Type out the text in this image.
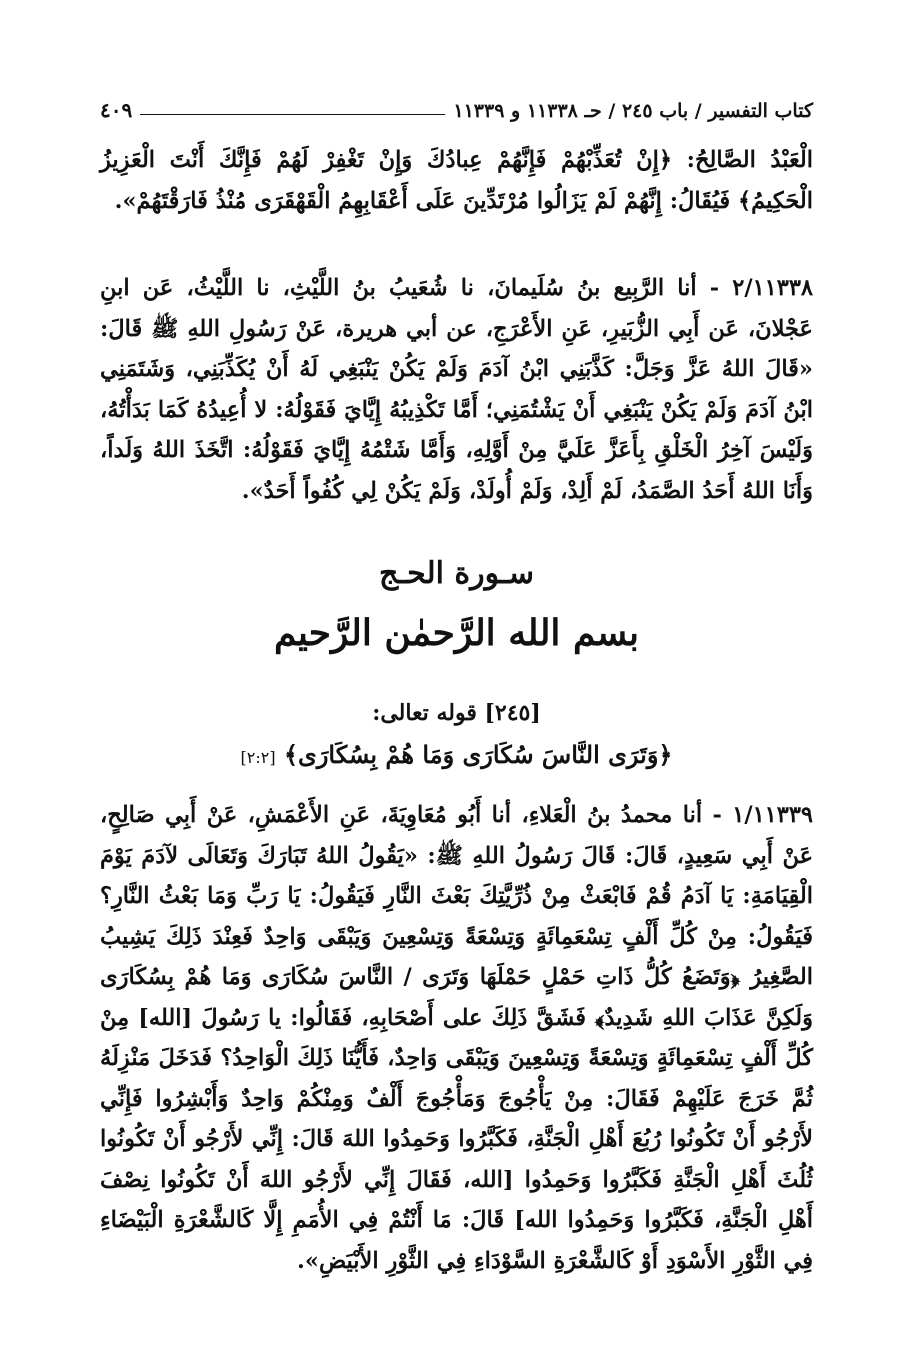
كتاب التفسير / باب ٢٤٥ / حـ ١١٣٣٨ و ١١٣٣٩
٤٠٩
الْعَبْدُ الصَّالِحُ: ﴿إِنْ تُعَذِّبْهُمْ فَإِنَّهُمْ عِبادُكَ وَإِنْ تَغْفِرْ لَهُمْ فَإِنَّكَ أَنْتَ الْعَزِيزُ الْحَكِيمُ﴾ فَيُقَالُ: إِنَّهُمْ لَمْ يَزَالُوا مُرْتَدِّينَ عَلَى أَعْقَابِهِمُ الْقَهْقَرَى مُنْذُ فَارَقْتَهُمْ».
٢/١١٣٣٨ - أنا الرَّبِيع بنُ سُلَيمانَ، نا شُعَيبُ بنُ اللَّيْثِ، نا اللَّيْثُ، عَن ابنِ عَجْلانَ، عَن أَبِي الزُّبَيرِ، عَنِ الأَعْرَجِ، عن أبي هريرة، عَنْ رَسُولِ اللهِ ﷺ قَالَ: «قَالَ اللهُ عَزَّ وَجَلَّ: كَذَّبَنِي ابْنُ آدَمَ وَلَمْ يَكُنْ يَنْبَغِي لَهُ أَنْ يُكَذِّبَنِي، وَشَتَمَنِي ابْنُ آدَمَ وَلَمْ يَكُنْ يَنْبَغِي أَنْ يَشْتُمَنِي؛ أَمَّا تَكْذِيبُهُ إِيَّايَ فَقَوْلُهُ: لا أُعِيدُهُ كَمَا بَدَأْتُهُ، وَلَيْسَ آخِرُ الْخَلْقِ بِأَعَزَّ عَلَيَّ مِنْ أَوَّلِهِ، وَأَمَّا شَتْمُهُ إِيَّايَ فَقَوْلُهُ: اتَّخَذَ اللهُ وَلَداً، وَأَنَا اللهُ أَحَدُ الصَّمَدُ، لَمْ أَلِدْ، وَلَمْ أُولَدْ، وَلَمْ يَكُنْ لِي كُفُواً أَحَدٌ».
سـورة الحـج
بسم الله الرَّحمٰن الرَّحيم
[٢٤٥] قوله تعالى:
﴿وَتَرَى النَّاسَ سُكَارَى وَمَا هُمْ بِسُكَارَى﴾ [٢:٢]
١/١١٣٣٩ - أنا محمدُ بنُ الْعَلاءِ، أنا أَبُو مُعَاوِيَةَ، عَنِ الأَعْمَشِ، عَنْ أَبِي صَالِحٍ، عَنْ أَبِي سَعِيدٍ، قَالَ: قَالَ رَسُولُ اللهِ ﷺ: «يَقُولُ اللهُ تَبَارَكَ وَتَعَالَى لآدَمَ يَوْمَ الْقِيَامَةِ: يَا آدَمُ قُمْ فَابْعَثْ مِنْ ذُرِّيَّتِكَ بَعْثَ النَّارِ فَيَقُولُ: يَا رَبِّ وَمَا بَعْثُ النَّارِ؟ فَيَقُولُ: مِنْ كُلِّ أَلْفٍ تِسْعَمِائَةٍ وَتِسْعَةً وَتِسْعِينَ وَيَبْقَى وَاحِدٌ فَعِنْدَ ذَلِكَ يَشِيبُ الصَّغِيرُ ﴿وَتَضَعُ كُلُّ ذَاتِ حَمْلٍ حَمْلَهَا وَتَرَى / النَّاسَ سُكَارَى وَمَا هُمْ بِسُكَارَى وَلَكِنَّ عَذَابَ اللهِ شَدِيدٌ﴾ فَشَقَّ ذَلِكَ على أَصْحَابِهِ، فَقَالُوا: يا رَسُولَ [الله] مِنْ كُلِّ أَلْفٍ تِسْعَمِائَةٍ وَتِسْعَةً وَتِسْعِينَ وَيَبْقَى وَاحِدٌ، فَأَيُّنَا ذَلِكَ الْوَاحِدُ؟ فَدَخَلَ مَنْزِلَهُ ثُمَّ خَرَجَ عَلَيْهِمْ فَقَالَ: مِنْ يَأْجُوجَ وَمَأْجُوجَ أَلْفٌ وَمِنْكُمْ وَاحِدٌ وَأَبْشِرُوا فَإِنِّي لأَرْجُو أَنْ تَكُونُوا رُبُعَ أَهْلِ الْجَنَّةِ، فَكَبَّرُوا وَحَمِدُوا اللهَ قَالَ: إِنِّي لأَرْجُو أَنْ تَكُونُوا ثُلُثَ أَهْلِ الْجَنَّةِ فَكَبَّرُوا وَحَمِدُوا [الله، فَقَالَ إِنِّي لأَرْجُو اللهَ أَنْ تَكُونُوا نِصْفَ أَهْلِ الْجَنَّةِ، فَكَبَّرُوا وَحَمِدُوا الله] قَالَ: مَا أَنْتُمْ فِي الأُمَمِ إِلَّا كَالشَّعْرَةِ الْبَيْضَاءِ فِي الثَّوْرِ الأَسْوَدِ أَوْ كَالشَّعْرَةِ السَّوْدَاءِ فِي الثَّوْرِ الأَبْيَضِ».
